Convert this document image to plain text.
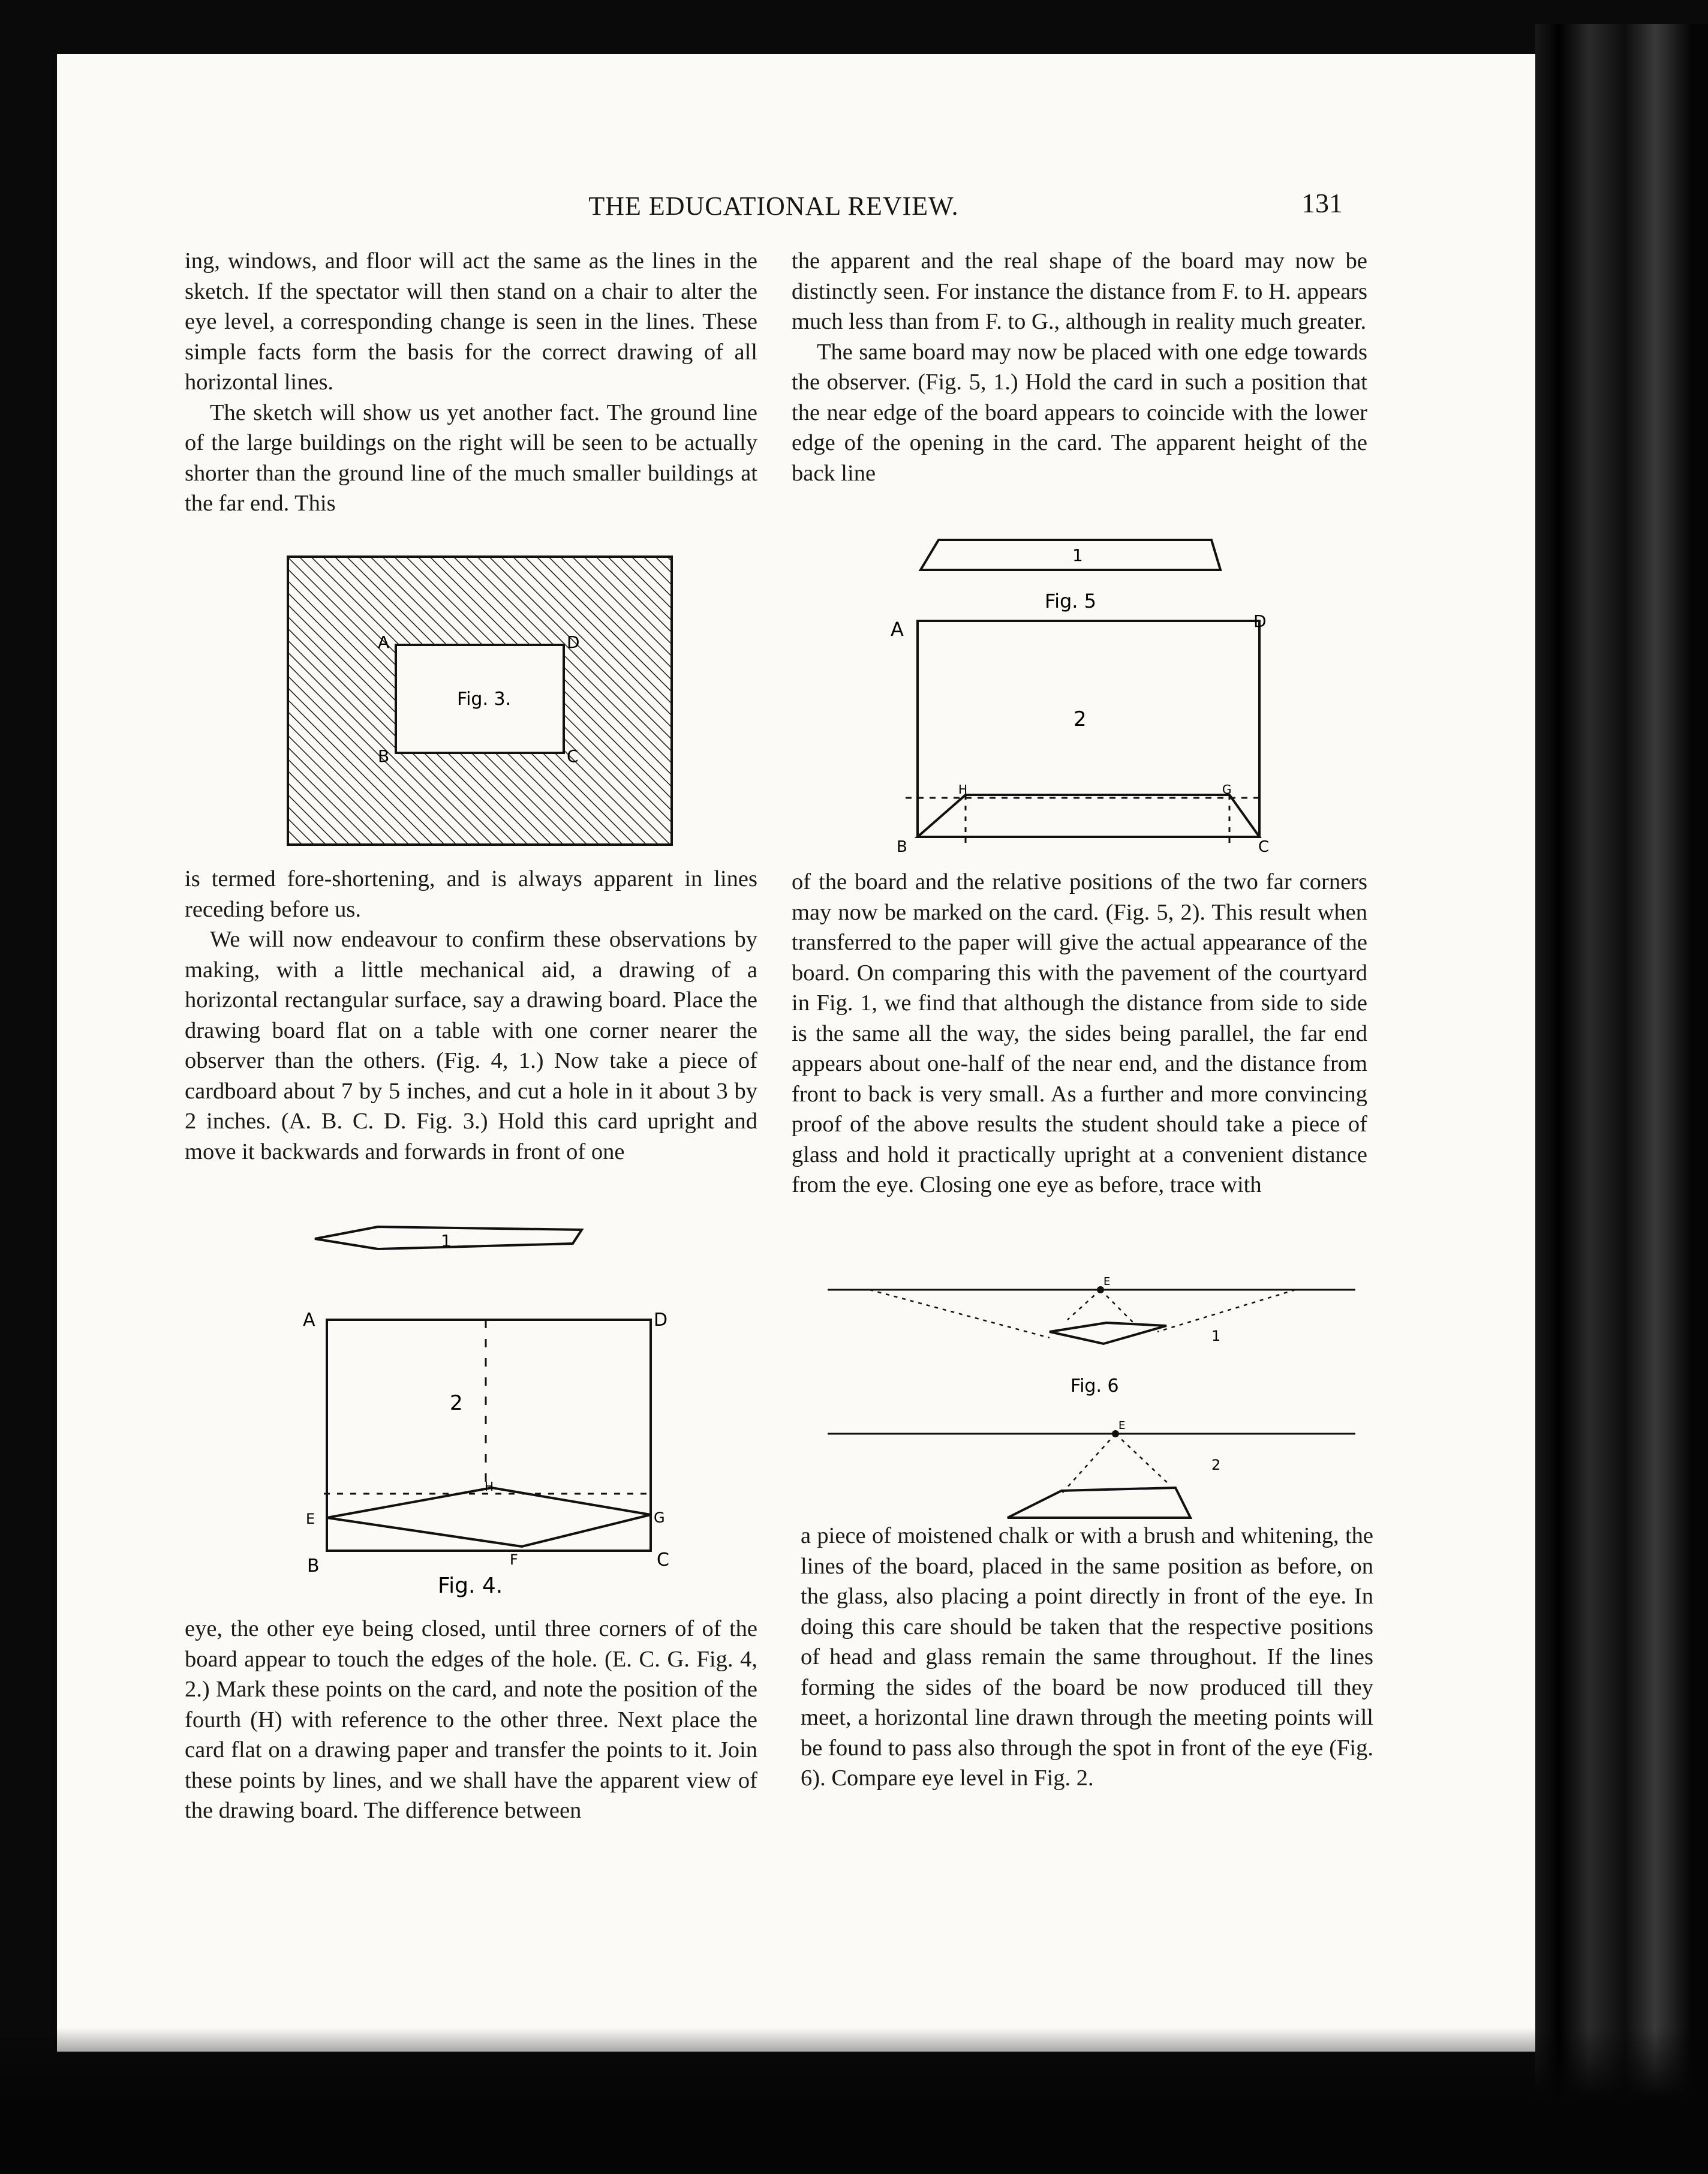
THE EDUCATIONAL REVIEW.	131

ing, windows, and floor will act the same as the lines in the sketch. If the spectator will then stand on a chair to alter the eye level, a corresponding change is seen in the lines. These simple facts form the basis for the correct drawing of all horizontal lines.

The sketch will show us yet another fact. The ground line of the large buildings on the right will be seen to be actually shorter than the ground line of the much smaller buildings at the far end. This

Fig. 3.
A	D
B	C

is termed fore-shortening, and is always apparent in lines receding before us.

We will now endeavour to confirm these observations by making, with a little mechanical aid, a drawing of a horizontal rectangular surface, say a drawing board. Place the drawing board flat on a table with one corner nearer the observer than the others. (Fig. 4, 1.) Now take a piece of cardboard about 7 by 5 inches, and cut a hole in it about 3 by 2 inches. (A. B. C. D. Fig. 3.) Hold this card upright and move it backwards and forwards in front of one

1
A	D
2
H
E	G
B	F	C
Fig. 4.

eye, the other eye being closed, until three corners of of the board appear to touch the edges of the hole. (E. C. G. Fig. 4, 2.) Mark these points on the card, and note the position of the fourth (H) with reference to the other three. Next place the card flat on a drawing paper and transfer the points to it. Join these points by lines, and we shall have the apparent view of the drawing board. The difference between

the apparent and the real shape of the board may now be distinctly seen. For instance the distance from F. to H. appears much less than from F. to G., although in reality much greater.

The same board may now be placed with one edge towards the observer. (Fig. 5, 1.) Hold the card in such a position that the near edge of the board appears to coincide with the lower edge of the opening in the card. The apparent height of the back line

1
Fig. 5
A	D
2
H	G
B	C

of the board and the relative positions of the two far corners may now be marked on the card. (Fig. 5, 2). This result when transferred to the paper will give the actual appearance of the board. On comparing this with the pavement of the courtyard in Fig. 1, we find that although the distance from side to side is the same all the way, the sides being parallel, the far end appears about one-half of the near end, and the distance from front to back is very small. As a further and more convincing proof of the above results the student should take a piece of glass and hold it practically upright at a convenient distance from the eye. Closing one eye as before, trace with

E
1
Fig. 6
E
2

a piece of moistened chalk or with a brush and whitening, the lines of the board, placed in the same position as before, on the glass, also placing a point directly in front of the eye. In doing this care should be taken that the respective positions of head and glass remain the same throughout. If the lines forming the sides of the board be now produced till they meet, a horizontal line drawn through the meeting points will be found to pass also through the spot in front of the eye (Fig. 6). Compare eye level in Fig. 2.
